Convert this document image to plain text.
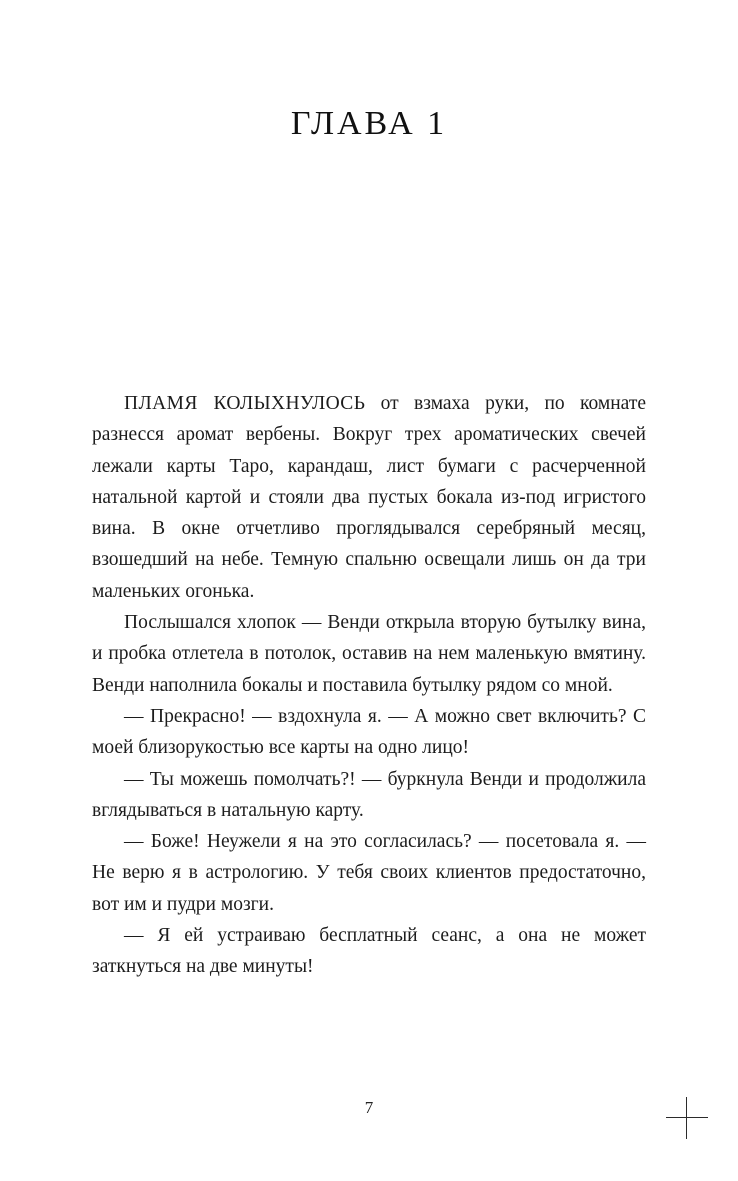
ГЛАВА 1

ПЛАМЯ КОЛЫХНУЛОСЬ от взмаха руки, по комнате разнесся аромат вербены. Вокруг трех ароматических свечей лежали карты Таро, карандаш, лист бумаги с расчерченной натальной картой и стояли два пустых бокала из-под игристого вина. В окне отчетливо проглядывался серебряный месяц, взошедший на небе. Темную спальню освещали лишь он да три маленьких огонька.

Послышался хлопок — Венди открыла вторую бутылку вина, и пробка отлетела в потолок, оставив на нем маленькую вмятину. Венди наполнила бокалы и поставила бутылку рядом со мной.

— Прекрасно! — вздохнула я. — А можно свет включить? С моей близорукостью все карты на одно лицо!

— Ты можешь помолчать?! — буркнула Венди и продолжила вглядываться в натальную карту.

— Боже! Неужели я на это согласилась? — посетовала я. — Не верю я в астрологию. У тебя своих клиентов предостаточно, вот им и пудри мозги.

— Я ей устраиваю бесплатный сеанс, а она не может заткнуться на две минуты!

7
